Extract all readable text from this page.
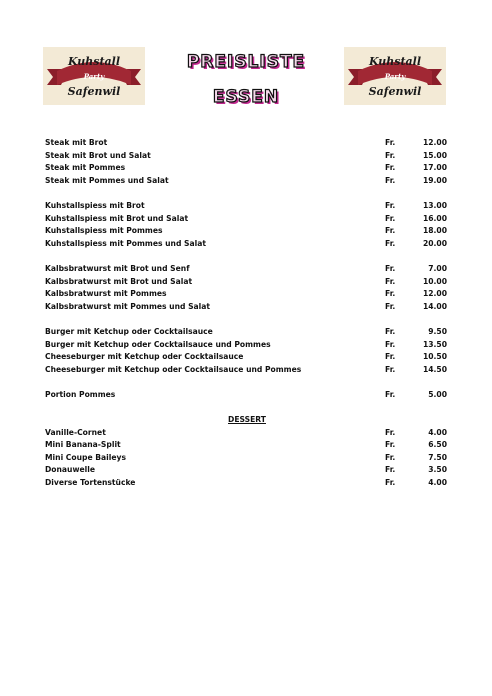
Kuhstall
Party
Safenwil
Kuhstall
Party
Safenwil
PREISLISTE
ESSEN
Steak mit Brot	Fr.	12.00
Steak mit Brot und Salat	Fr.	15.00
Steak mit Pommes	Fr.	17.00
Steak mit Pommes und Salat	Fr.	19.00
Kuhstallspiess mit Brot	Fr.	13.00
Kuhstallspiess mit Brot und Salat	Fr.	16.00
Kuhstallspiess mit Pommes	Fr.	18.00
Kuhstallspiess mit Pommes und Salat	Fr.	20.00
Kalbsbratwurst mit Brot und Senf	Fr.	7.00
Kalbsbratwurst mit Brot und Salat	Fr.	10.00
Kalbsbratwurst mit Pommes	Fr.	12.00
Kalbsbratwurst mit Pommes und Salat	Fr.	14.00
Burger mit Ketchup oder Cocktailsauce	Fr.	9.50
Burger mit Ketchup oder Cocktailsauce und Pommes	Fr.	13.50
Cheeseburger mit Ketchup oder Cocktailsauce	Fr.	10.50
Cheeseburger mit Ketchup oder Cocktailsauce und Pommes	Fr.	14.50
Portion Pommes	Fr.	5.00
DESSERT
Vanille-Cornet	Fr.	4.00
Mini Banana-Split	Fr.	6.50
Mini Coupe Baileys	Fr.	7.50
Donauwelle	Fr.	3.50
Diverse Tortenstücke	Fr.	4.00
